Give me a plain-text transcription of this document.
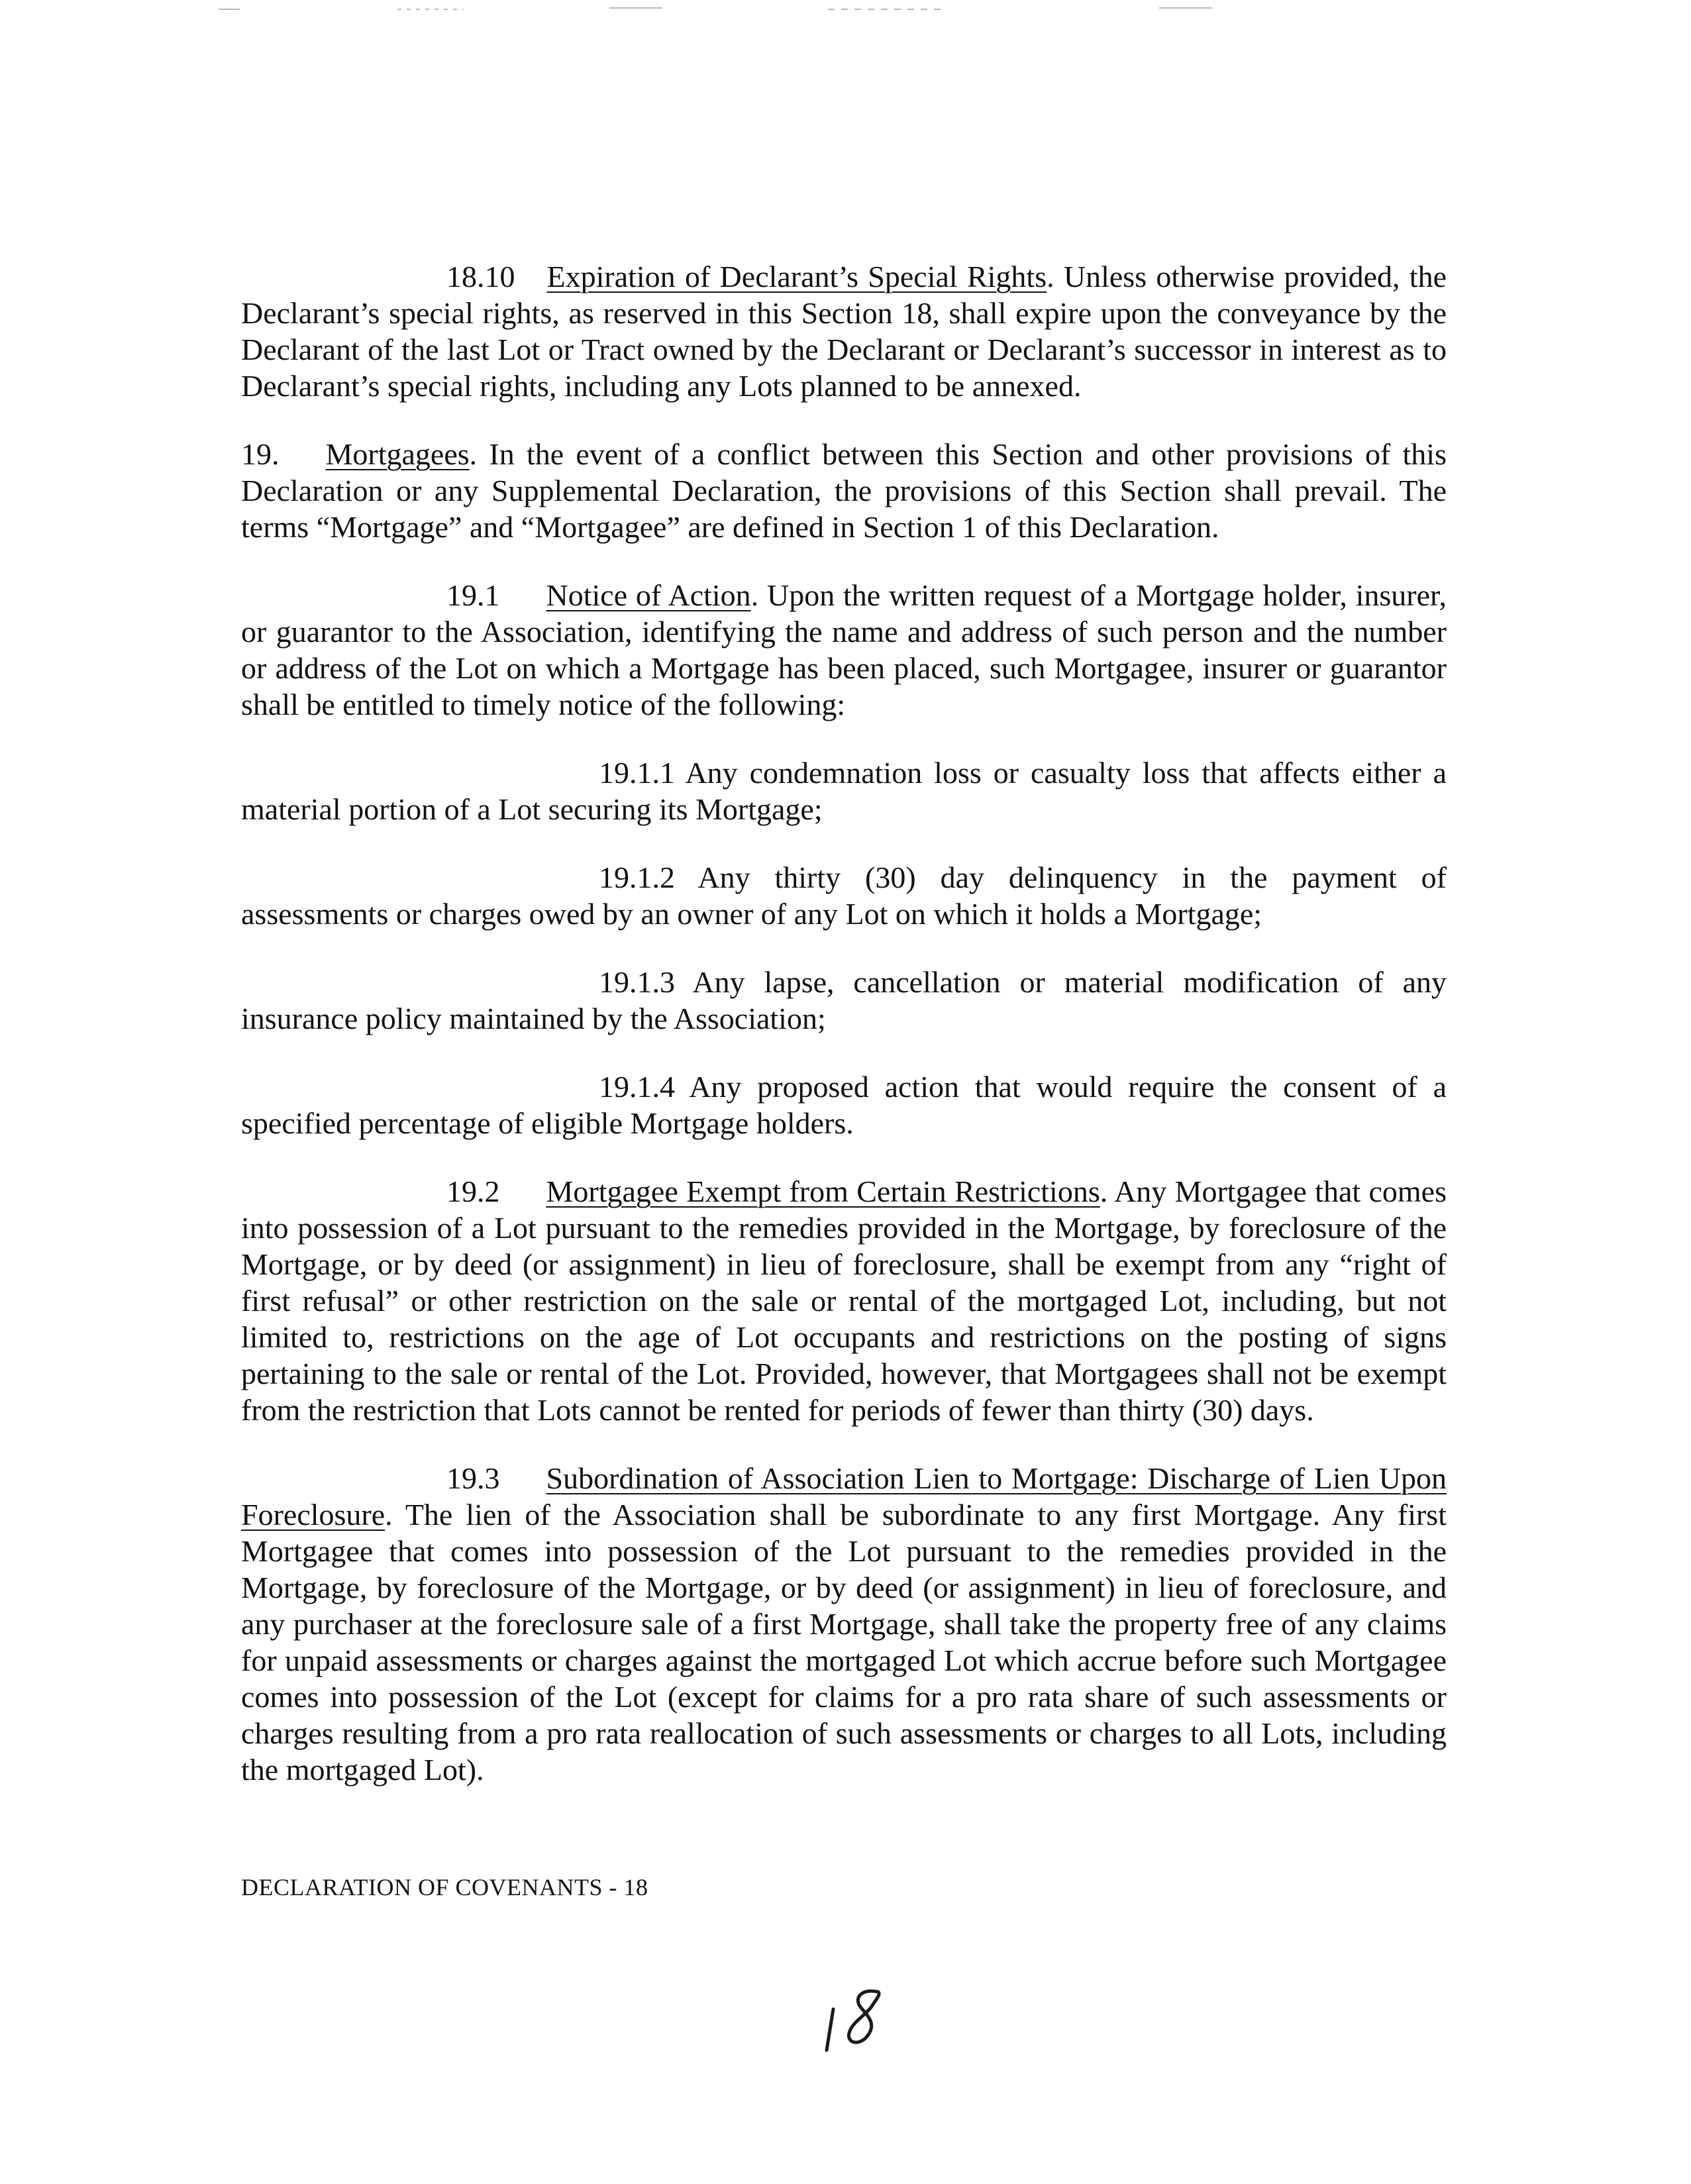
18.10 Expiration of Declarant’s Special Rights. Unless otherwise provided, the Declarant’s special rights, as reserved in this Section 18, shall expire upon the conveyance by the Declarant of the last Lot or Tract owned by the Declarant or Declarant’s successor in interest as to Declarant’s special rights, including any Lots planned to be annexed.

19. Mortgagees. In the event of a conflict between this Section and other provisions of this Declaration or any Supplemental Declaration, the provisions of this Section shall prevail. The terms “Mortgage” and “Mortgagee” are defined in Section 1 of this Declaration.

19.1 Notice of Action. Upon the written request of a Mortgage holder, insurer, or guarantor to the Association, identifying the name and address of such person and the number or address of the Lot on which a Mortgage has been placed, such Mortgagee, insurer or guarantor shall be entitled to timely notice of the following:

19.1.1 Any condemnation loss or casualty loss that affects either a material portion of a Lot securing its Mortgage;

19.1.2 Any thirty (30) day delinquency in the payment of assessments or charges owed by an owner of any Lot on which it holds a Mortgage;

19.1.3 Any lapse, cancellation or material modification of any insurance policy maintained by the Association;

19.1.4 Any proposed action that would require the consent of a specified percentage of eligible Mortgage holders.

19.2 Mortgagee Exempt from Certain Restrictions. Any Mortgagee that comes into possession of a Lot pursuant to the remedies provided in the Mortgage, by foreclosure of the Mortgage, or by deed (or assignment) in lieu of foreclosure, shall be exempt from any “right of first refusal” or other restriction on the sale or rental of the mortgaged Lot, including, but not limited to, restrictions on the age of Lot occupants and restrictions on the posting of signs pertaining to the sale or rental of the Lot. Provided, however, that Mortgagees shall not be exempt from the restriction that Lots cannot be rented for periods of fewer than thirty (30) days.

19.3 Subordination of Association Lien to Mortgage: Discharge of Lien Upon Foreclosure. The lien of the Association shall be subordinate to any first Mortgage. Any first Mortgagee that comes into possession of the Lot pursuant to the remedies provided in the Mortgage, by foreclosure of the Mortgage, or by deed (or assignment) in lieu of foreclosure, and any purchaser at the foreclosure sale of a first Mortgage, shall take the property free of any claims for unpaid assessments or charges against the mortgaged Lot which accrue before such Mortgagee comes into possession of the Lot (except for claims for a pro rata share of such assessments or charges resulting from a pro rata reallocation of such assessments or charges to all Lots, including the mortgaged Lot).

DECLARATION OF COVENANTS - 18
